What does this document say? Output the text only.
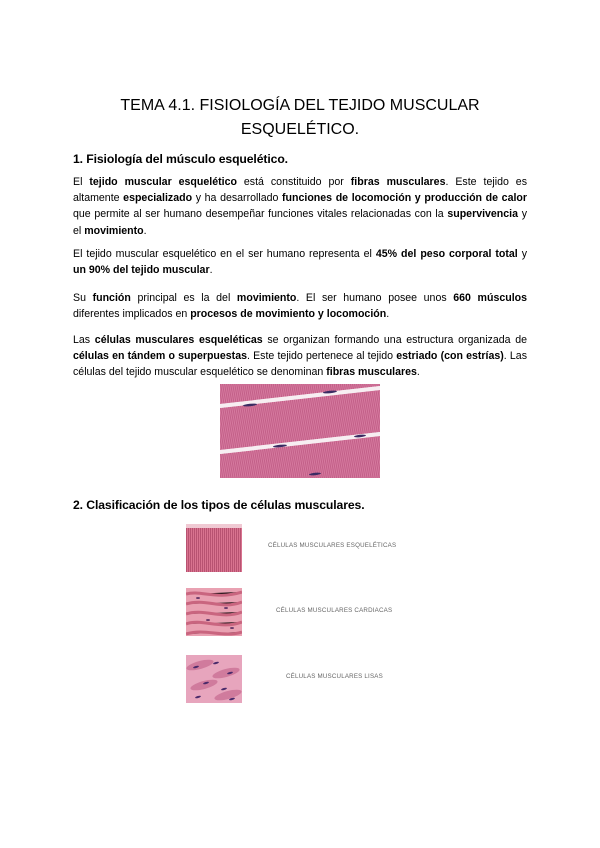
TEMA 4.1. FISIOLOGÍA DEL TEJIDO MUSCULAR
ESQUELÉTICO.
1. Fisiología del músculo esquelético.

El tejido muscular esquelético está constituido por fibras musculares. Este tejido es altamente especializado y ha desarrollado funciones de locomoción y producción de calor que permite al ser humano desempeñar funciones vitales relacionadas con la supervivencia y el movimiento.

El tejido muscular esquelético en el ser humano representa el 45% del peso corporal total y un 90% del tejido muscular.

Su función principal es la del movimiento. El ser humano posee unos 660 músculos diferentes implicados en procesos de movimiento y locomoción.

Las células musculares esqueléticas se organizan formando una estructura organizada de células en tándem o superpuestas. Este tejido pertenece al tejido estriado (con estrías). Las células del tejido muscular esquelético se denominan fibras musculares.

2. Clasificación de los tipos de células musculares.
CÉLULAS MUSCULARES ESQUELÉTICAS
CÉLULAS MUSCULARES CARDIACAS
CÉLULAS MUSCULARES LISAS
